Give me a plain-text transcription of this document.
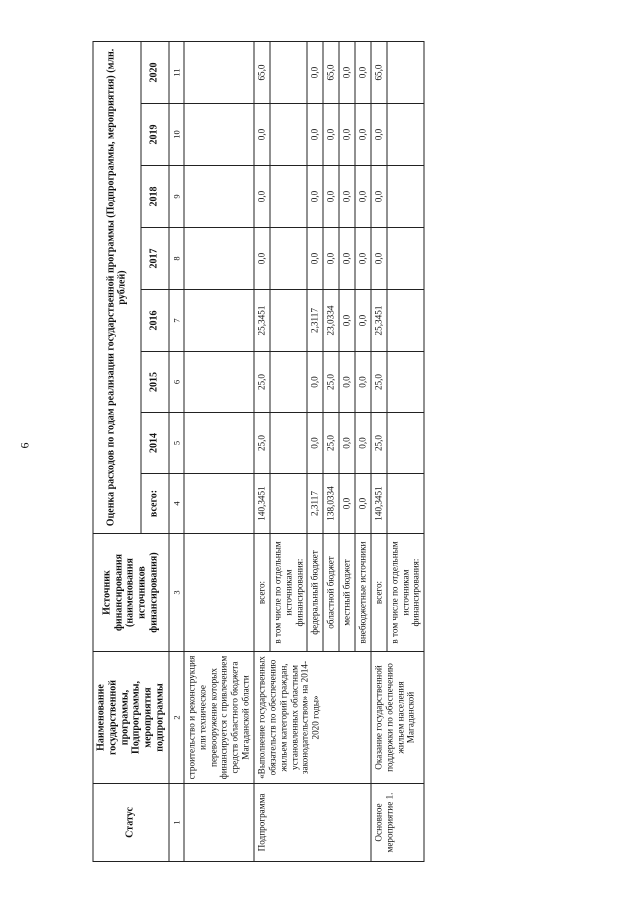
6
Статус	Наименование государственной программы, Подпрограммы, мероприятия подпрограммы	Источник финансирования (наименования источников финансирования)	Оценка расходов по годам реализации государственной программы (Подпрограммы, мероприятия) (млн. рублей)							
			всего:	2014	2015	2016	2017	2018	2019	2020
1	2	3	4	5	6	7	8	9	10	11
	строительство и реконструкция или техническое перевооружение которых финансируется с привлечением средств областного бюджета Магаданской области									
Подпрограмма	«Выполнение государственных обязательств по обеспечению жильем категорий граждан, установленных областным законодательством» на 2014-2020 годы»	всего:	140,3451	25,0	25,0	25,3451	0,0	0,0	0,0	65,0
		в том числе по отдельным источникам финансирования:								
		федеральный бюджет	2,3117	0,0	0,0	2,3117	0,0	0,0	0,0	0,0
		областной бюджет	138,0334	25,0	25,0	23,0334	0,0	0,0	0,0	65,0
		местный бюджет	0,0	0,0	0,0	0,0	0,0	0,0	0,0	0,0
		внебюджетные источники	0,0	0,0	0,0	0,0	0,0	0,0	0,0	0,0
Основное мероприятие 1.	Оказание государственной поддержки по обеспечению жильем населения Магаданской	всего:	140,3451	25,0	25,0	25,3451	0,0	0,0	0,0	65,0
		в том числе по отдельным источникам финансирования:								
